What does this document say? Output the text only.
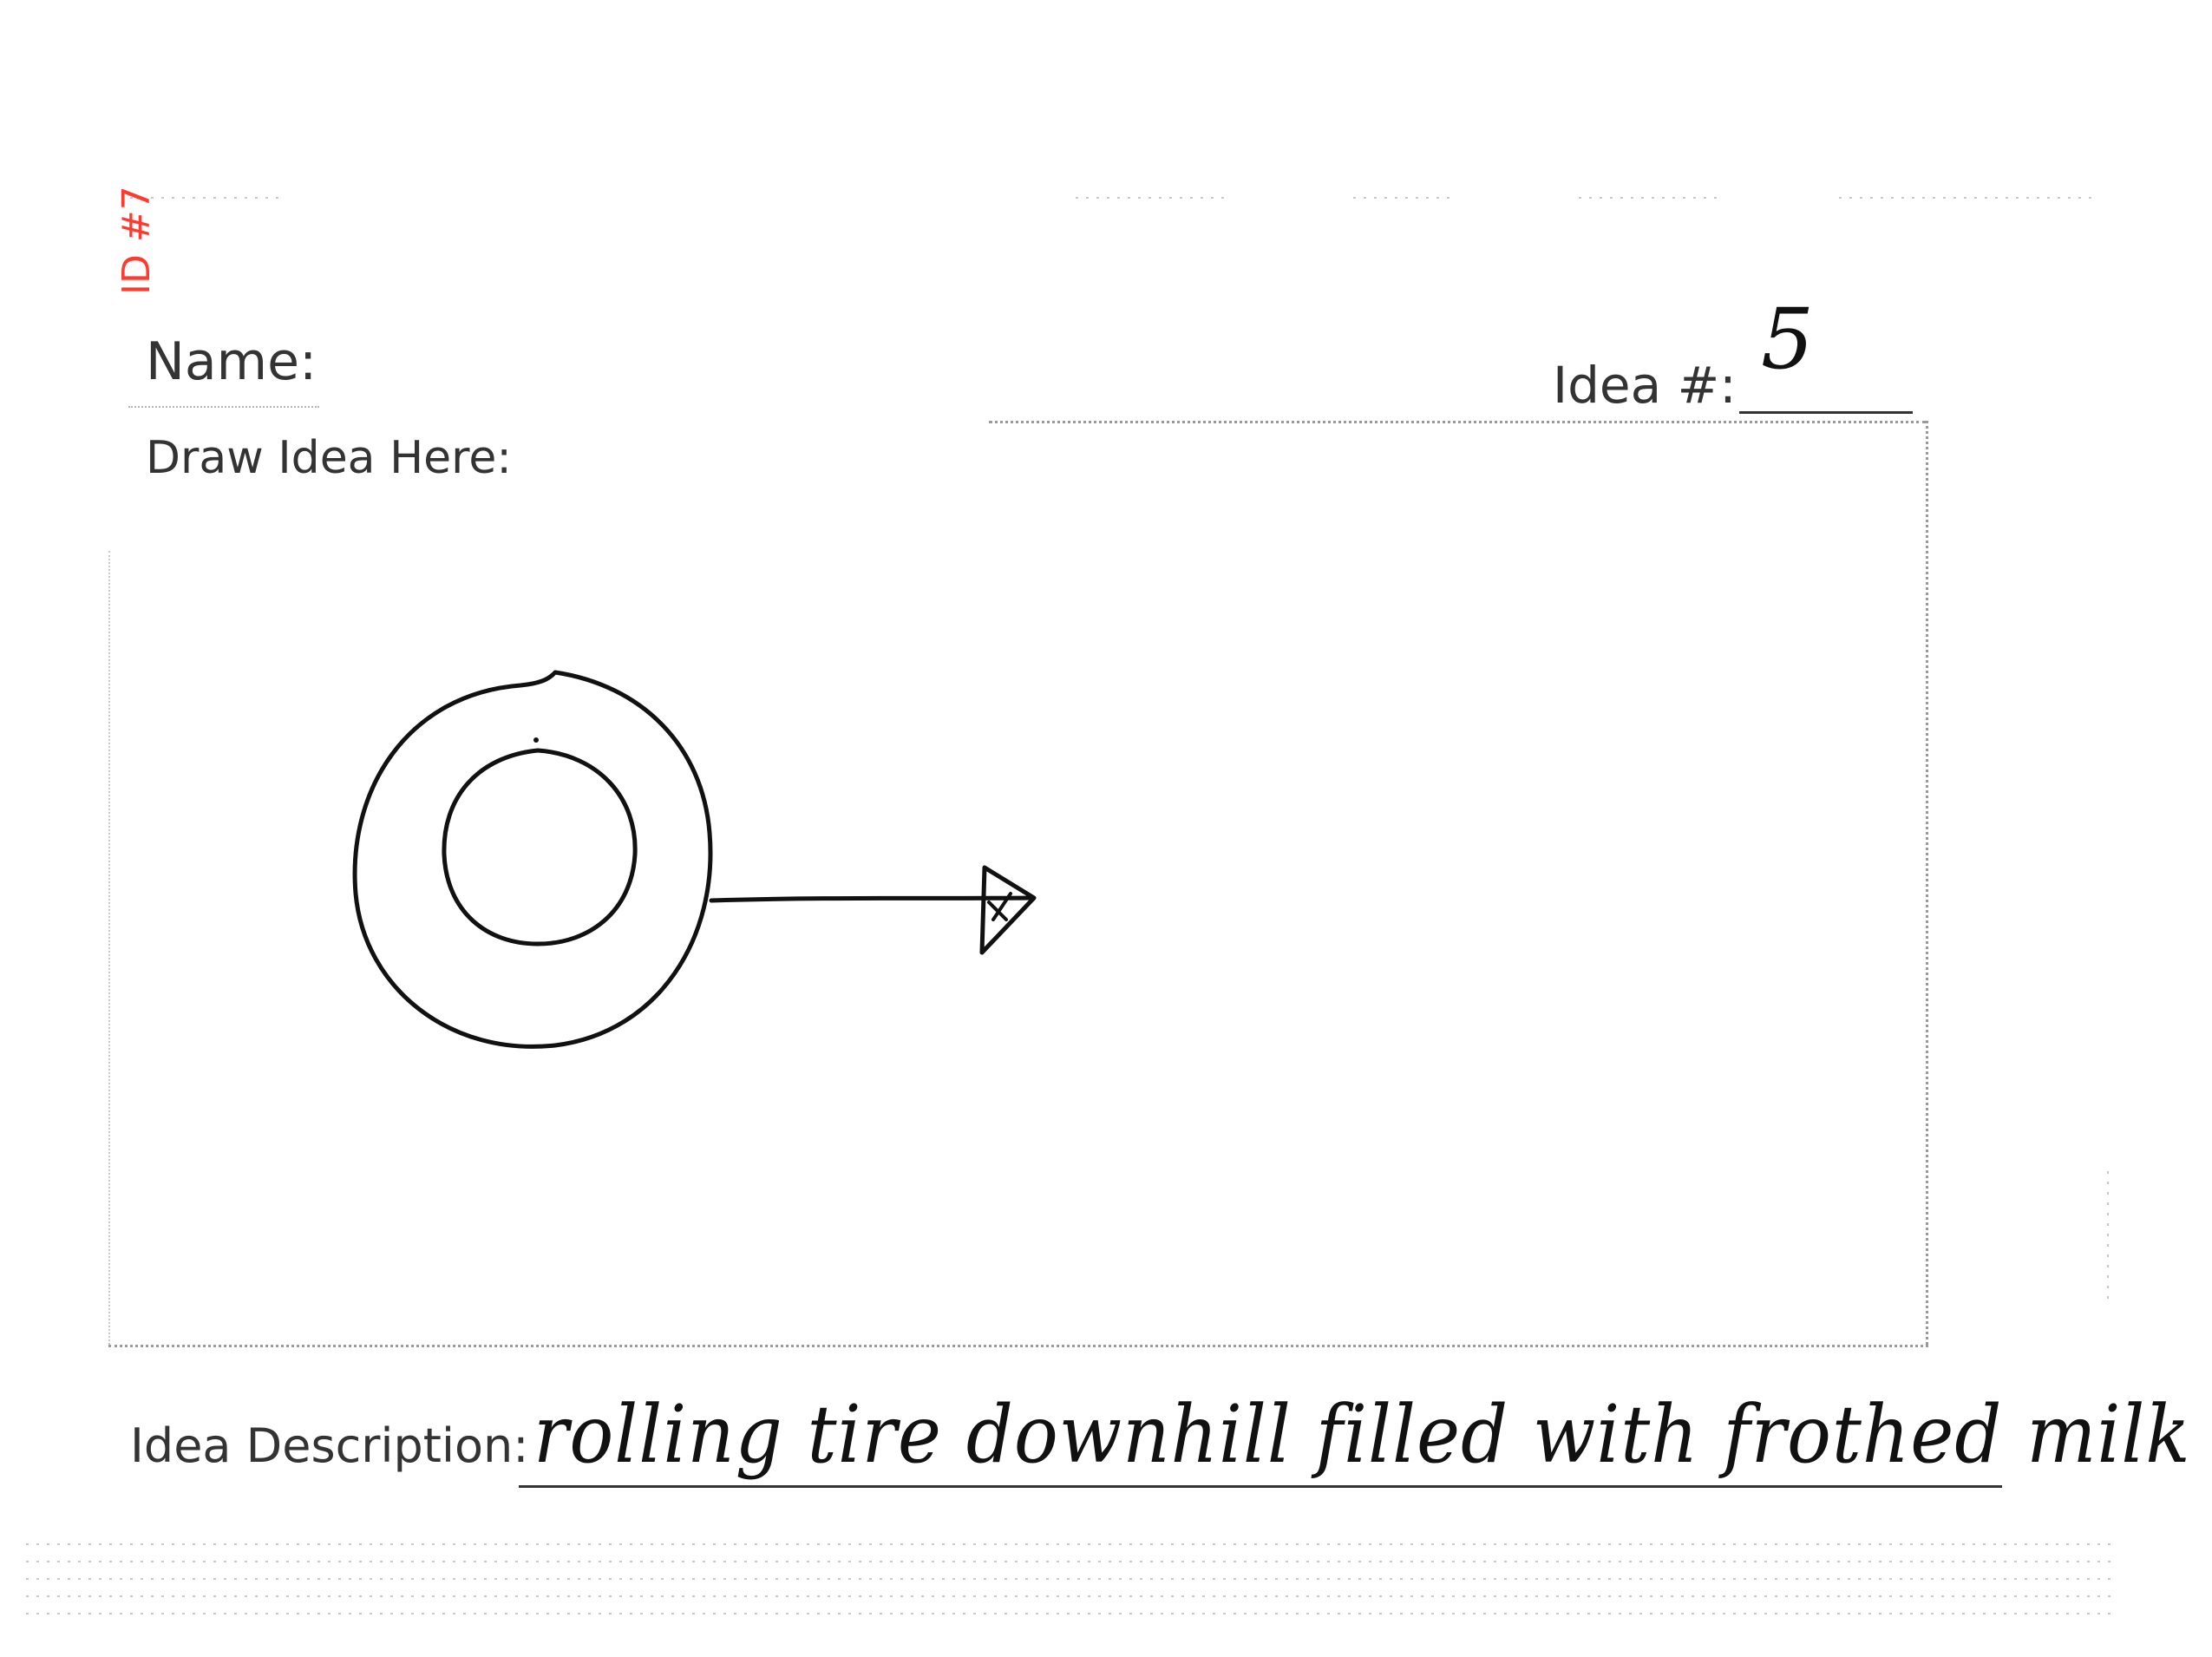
ID #7
Name:	Idea #: 5
Draw Idea Here:
Idea Description: rolling tire downhill filled with frothed milk
